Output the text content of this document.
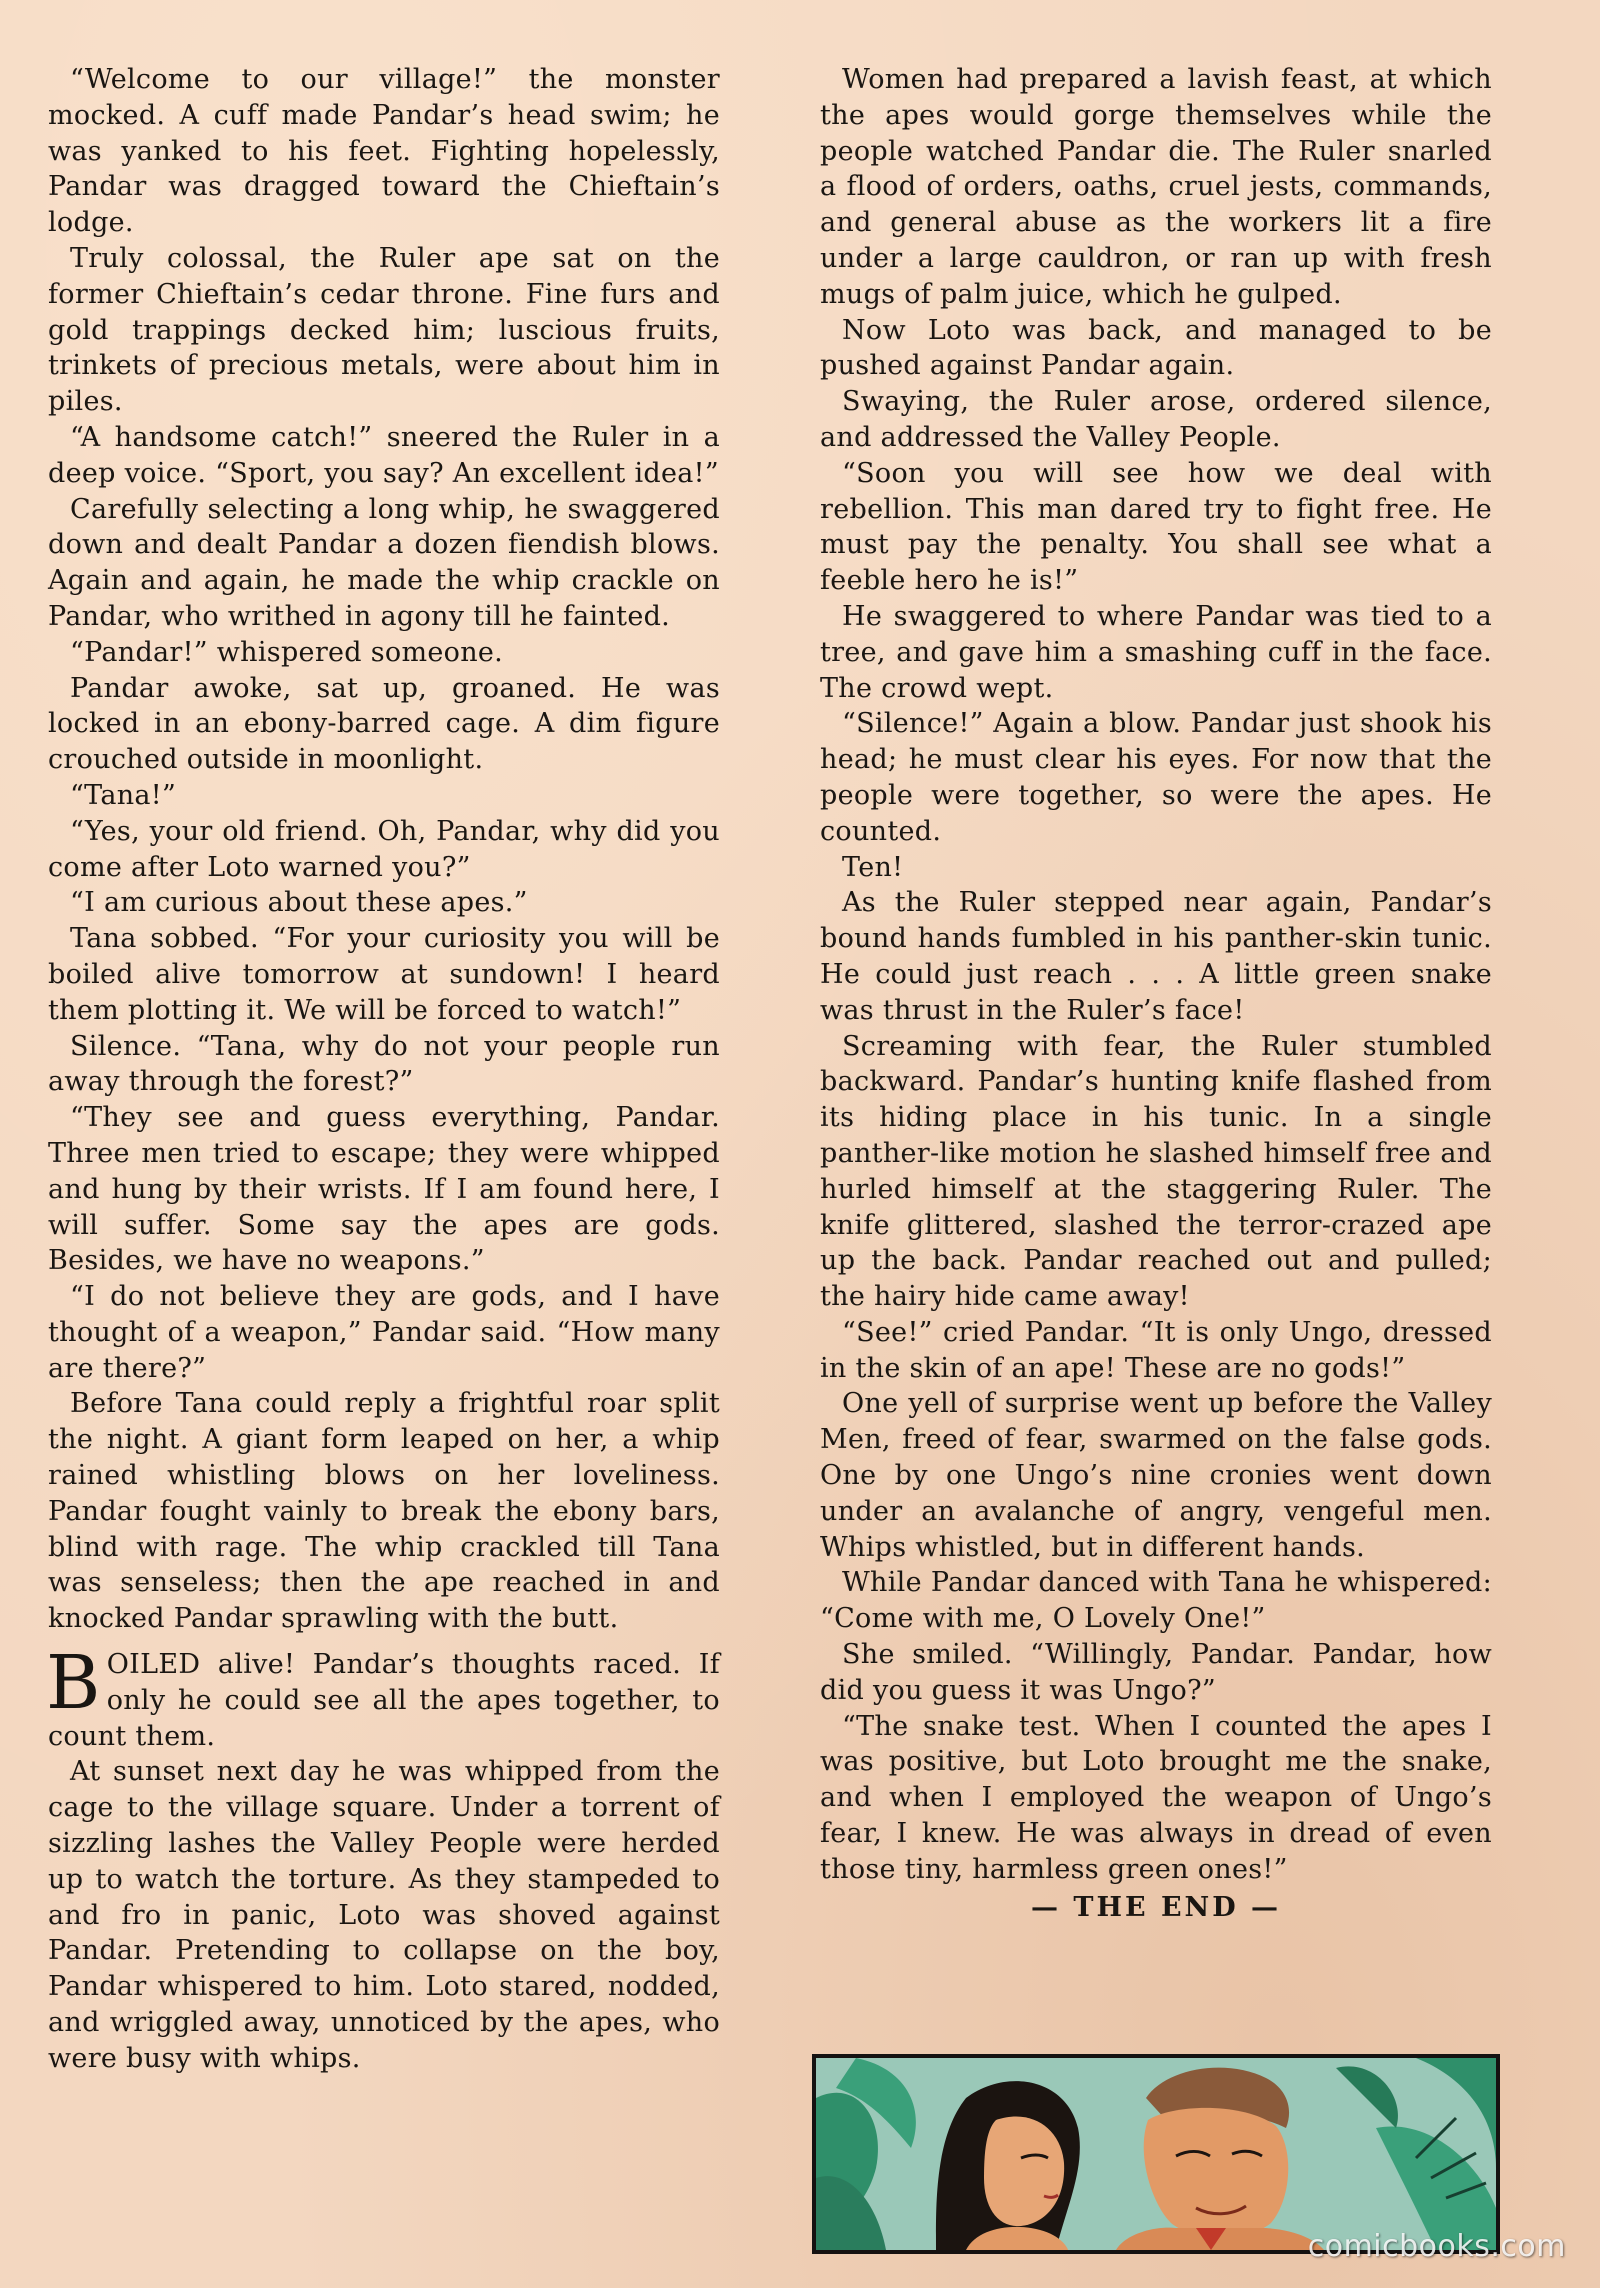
“Welcome to our village!” the monster mocked. A cuff made Pandar’s head swim; he was yanked to his feet. Fighting hopelessly, Pandar was dragged toward the Chieftain’s lodge.

Truly colossal, the Ruler ape sat on the former Chieftain’s cedar throne. Fine furs and gold trappings decked him; luscious fruits, trinkets of precious metals, were about him in piles.

“A handsome catch!” sneered the Ruler in a deep voice. “Sport, you say? An excellent idea!”

Carefully selecting a long whip, he swaggered down and dealt Pandar a dozen fiendish blows. Again and again, he made the whip crackle on Pandar, who writhed in agony till he fainted.

“Pandar!” whispered someone.

Pandar awoke, sat up, groaned. He was locked in an ebony-barred cage. A dim figure crouched outside in moonlight.

“Tana!”

“Yes, your old friend. Oh, Pandar, why did you come after Loto warned you?”

“I am curious about these apes.”

Tana sobbed. “For your curiosity you will be boiled alive tomorrow at sundown! I heard them plotting it. We will be forced to watch!”

Silence. “Tana, why do not your people run away through the forest?”

“They see and guess everything, Pandar. Three men tried to escape; they were whipped and hung by their wrists. If I am found here, I will suffer. Some say the apes are gods. Besides, we have no weapons.”

“I do not believe they are gods, and I have thought of a weapon,” Pandar said. “How many are there?”

Before Tana could reply a frightful roar split the night. A giant form leaped on her, a whip rained whistling blows on her loveliness. Pandar fought vainly to break the ebony bars, blind with rage. The whip crackled till Tana was senseless; then the ape reached in and knocked Pandar sprawling with the butt.

BOILED alive! Pandar’s thoughts raced. If only he could see all the apes together, to count them.

At sunset next day he was whipped from the cage to the village square. Under a torrent of sizzling lashes the Valley People were herded up to watch the torture. As they stampeded to and fro in panic, Loto was shoved against Pandar. Pretending to collapse on the boy, Pandar whispered to him. Loto stared, nodded, and wriggled away, unnoticed by the apes, who were busy with whips.

Women had prepared a lavish feast, at which the apes would gorge themselves while the people watched Pandar die. The Ruler snarled a flood of orders, oaths, cruel jests, commands, and general abuse as the workers lit a fire under a large cauldron, or ran up with fresh mugs of palm juice, which he gulped.

Now Loto was back, and managed to be pushed against Pandar again.

Swaying, the Ruler arose, ordered silence, and addressed the Valley People.

“Soon you will see how we deal with rebellion. This man dared try to fight free. He must pay the penalty. You shall see what a feeble hero he is!”

He swaggered to where Pandar was tied to a tree, and gave him a smashing cuff in the face. The crowd wept.

“Silence!” Again a blow. Pandar just shook his head; he must clear his eyes. For now that the people were together, so were the apes. He counted.

Ten!

As the Ruler stepped near again, Pandar’s bound hands fumbled in his panther-skin tunic. He could just reach . . . A little green snake was thrust in the Ruler’s face!

Screaming with fear, the Ruler stumbled backward. Pandar’s hunting knife flashed from its hiding place in his tunic. In a single panther-like motion he slashed himself free and hurled himself at the staggering Ruler. The knife glittered, slashed the terror-crazed ape up the back. Pandar reached out and pulled; the hairy hide came away!

“See!” cried Pandar. “It is only Ungo, dressed in the skin of an ape! These are no gods!”

One yell of surprise went up before the Valley Men, freed of fear, swarmed on the false gods. One by one Ungo’s nine cronies went down under an avalanche of angry, vengeful men. Whips whistled, but in different hands.

While Pandar danced with Tana he whispered: “Come with me, O Lovely One!”

She smiled. “Willingly, Pandar. Pandar, how did you guess it was Ungo?”

“The snake test. When I counted the apes I was positive, but Loto brought me the snake, and when I employed the weapon of Ungo’s fear, I knew. He was always in dread of even those tiny, harmless green ones!”

— THE END —

comicbooks.com
